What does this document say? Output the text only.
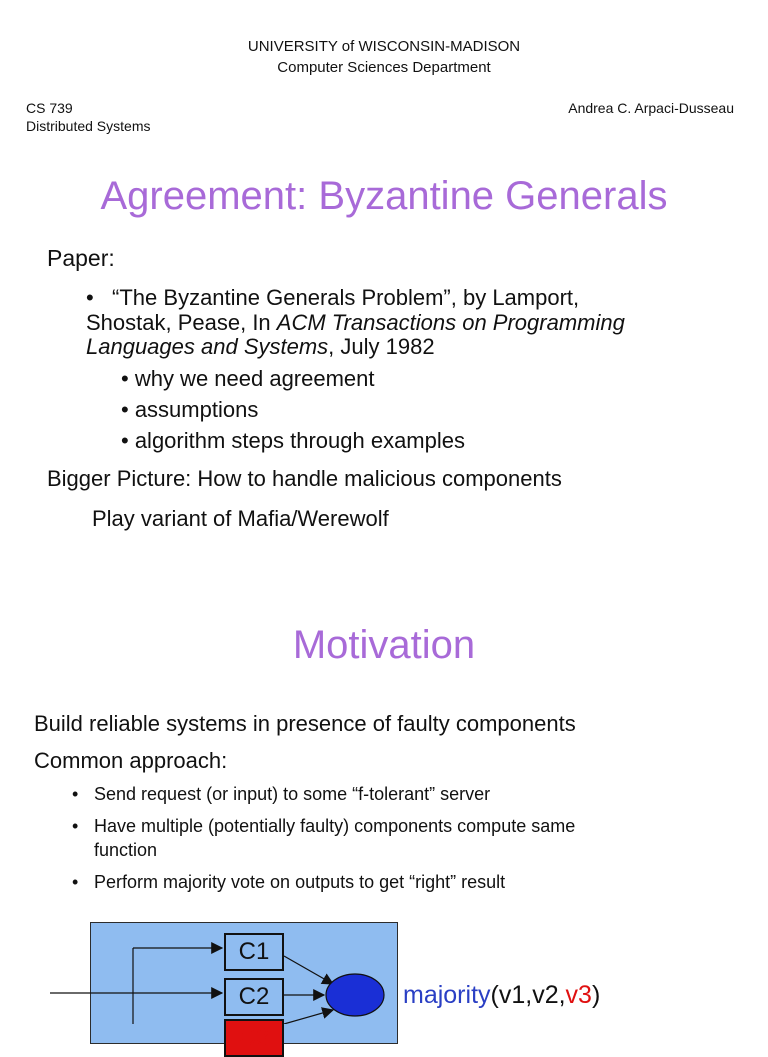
UNIVERSITY of WISCONSIN-MADISON
Computer Sciences Department
CS 739
Distributed Systems
Andrea C. Arpaci-Dusseau
Agreement: Byzantine Generals
Paper:
• “The Byzantine Generals Problem”, by Lamport,
Shostak, Pease, In ACM Transactions on Programming
Languages and Systems, July 1982
• why we need agreement
• assumptions
• algorithm steps through examples
Bigger Picture: How to handle malicious components
Play variant of Mafia/Werewolf
Motivation
Build reliable systems in presence of faulty components
Common approach:
• Send request (or input) to some “f-tolerant” server
• Have multiple (potentially faulty) components compute same
function
• Perform majority vote on outputs to get “right” result
C1
C2
C3
majority(v1,v2,v3)
